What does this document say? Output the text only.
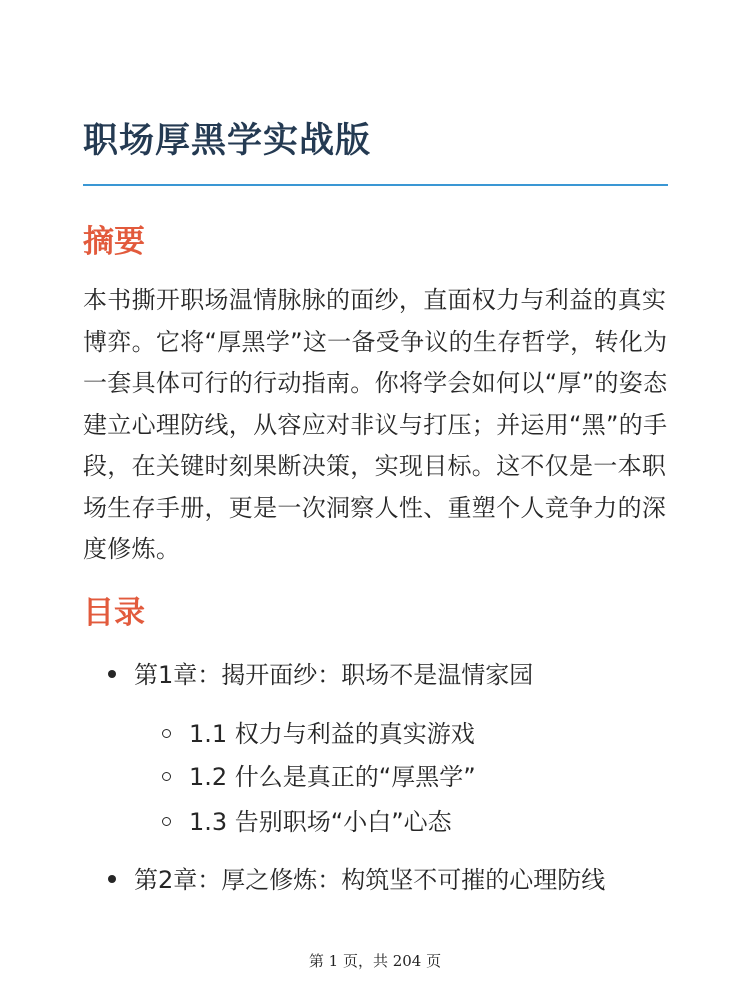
职场厚黑学实战版
摘要

本书撕开职场温情脉脉的面纱，直面权力与利益的真实博弈。它将“厚黑学”这一备受争议的生存哲学，转化为一套具体可行的行动指南。你将学会如何以“厚”的姿态建立心理防线，从容应对非议与打压；并运用“黑”的手段，在关键时刻果断决策，实现目标。这不仅是一本职场生存手册，更是一次洞察人性、重塑个人竞争力的深度修炼。

目录
第1章：揭开面纱：职场不是温情家园
1.1 权力与利益的真实游戏
1.2 什么是真正的“厚黑学”
1.3 告别职场“小白”心态
第2章：厚之修炼：构筑坚不可摧的心理防线
第 1 页，共 204 页
